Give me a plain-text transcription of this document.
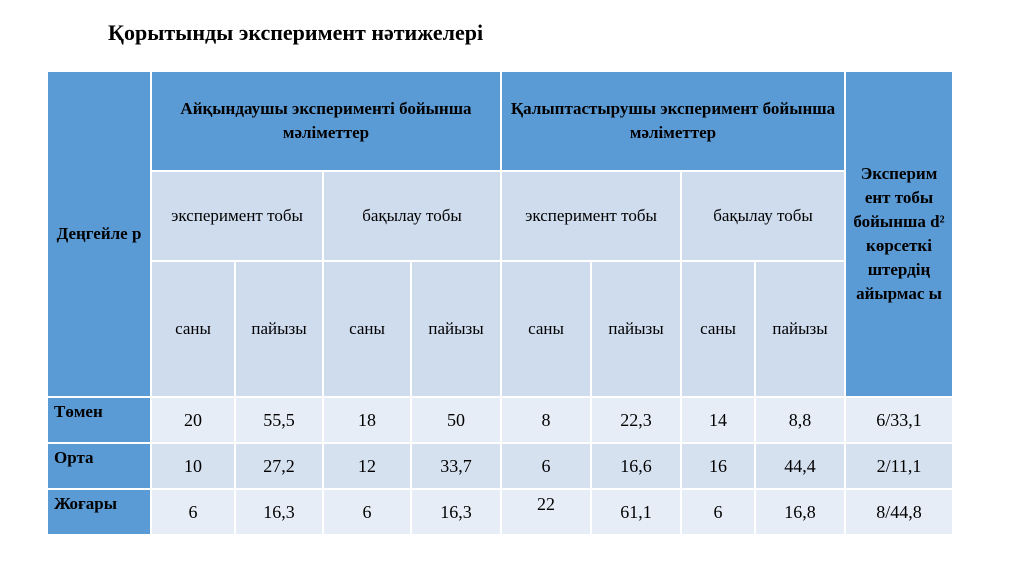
Қорытынды эксперимент нәтижелері
Деңгейле р	Айқындаушы эксперименті бойынша мәліметтер				Қалыптастырушы эксперимент бойынша мәліметтер				Эксперим ент тобы бойынша d² көрсеткі штердің айырмас ы
	эксперимент тобы		бақылау тобы		эксперимент тобы		бақылау тобы		
	саны	пайызы	саны	пайызы	саны	пайызы	саны	пайызы	
Төмен	20	55,5	18	50	8	22,3	14	8,8	6/33,1
Орта	10	27,2	12	33,7	6	16,6	16	44,4	2/11,1
Жоғары	6	16,3	6	16,3	22	61,1	6	16,8	8/44,8
